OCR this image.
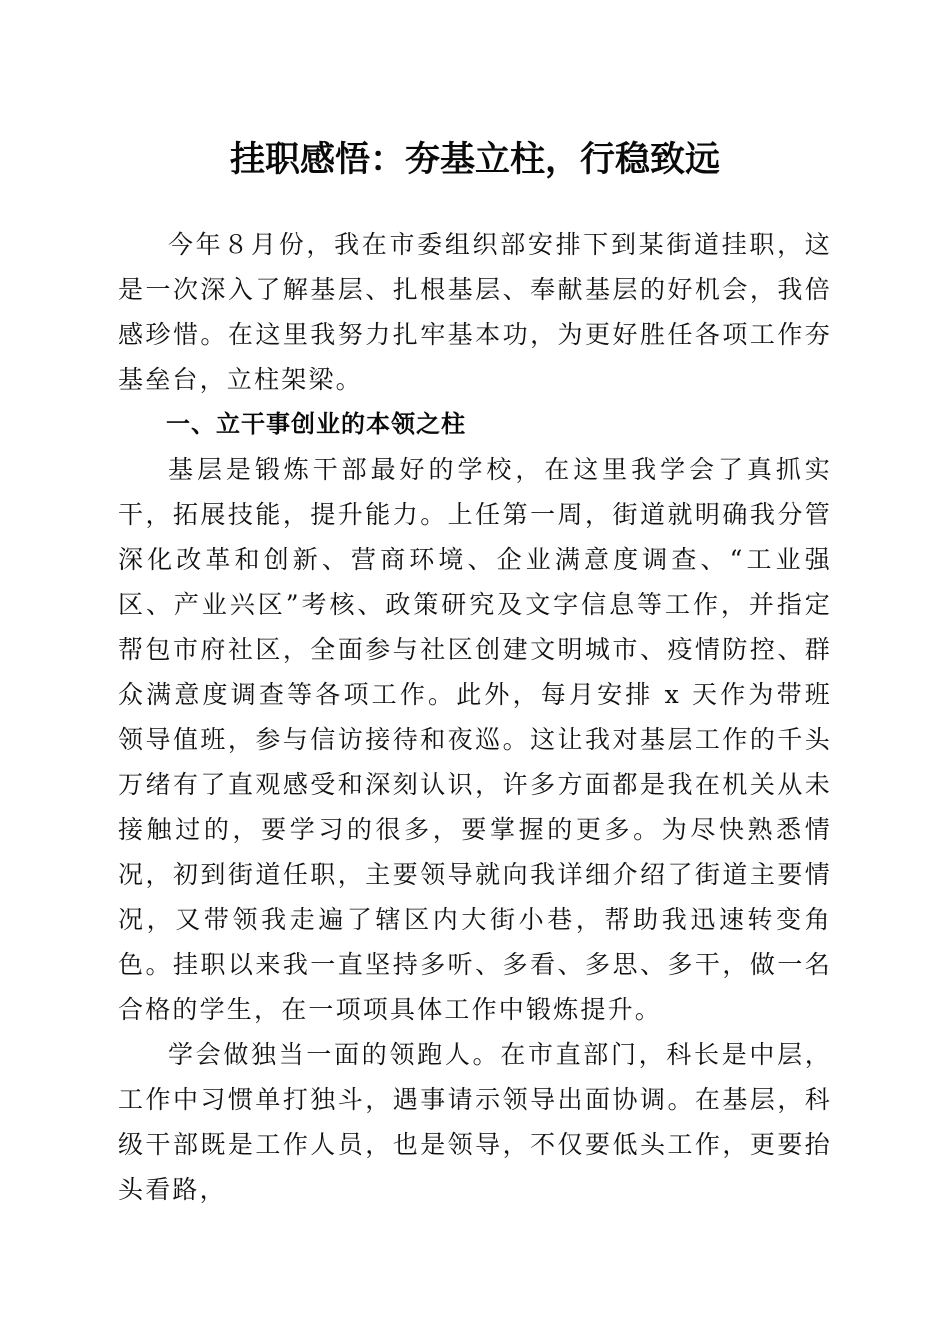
挂职感悟：夯基立柱，行稳致远

今年８月份，我在市委组织部安排下到某街道挂职，这是一次深入了解基层、扎根基层、奉献基层的好机会，我倍感珍惜。在这里我努力扎牢基本功，为更好胜任各项工作夯基垒台，立柱架梁。

一、立干事创业的本领之柱

基层是锻炼干部最好的学校，在这里我学会了真抓实干，拓展技能，提升能力。上任第一周，街道就明确我分管深化改革和创新、营商环境、企业满意度调查、“工业强区、产业兴区”考核、政策研究及文字信息等工作，并指定帮包市府社区，全面参与社区创建文明城市、疫情防控、群众满意度调查等各项工作。此外，每月安排 x 天作为带班领导值班，参与信访接待和夜巡。这让我对基层工作的千头万绪有了直观感受和深刻认识，许多方面都是我在机关从未接触过的，要学习的很多，要掌握的更多。为尽快熟悉情况，初到街道任职，主要领导就向我详细介绍了街道主要情况，又带领我走遍了辖区内大街小巷，帮助我迅速转变角色。挂职以来我一直坚持多听、多看、多思、多干，做一名合格的学生，在一项项具体工作中锻炼提升。

学会做独当一面的领跑人。在市直部门，科长是中层，工作中习惯单打独斗，遇事请示领导出面协调。在基层，科级干部既是工作人员，也是领导，不仅要低头工作，更要抬头看路，
